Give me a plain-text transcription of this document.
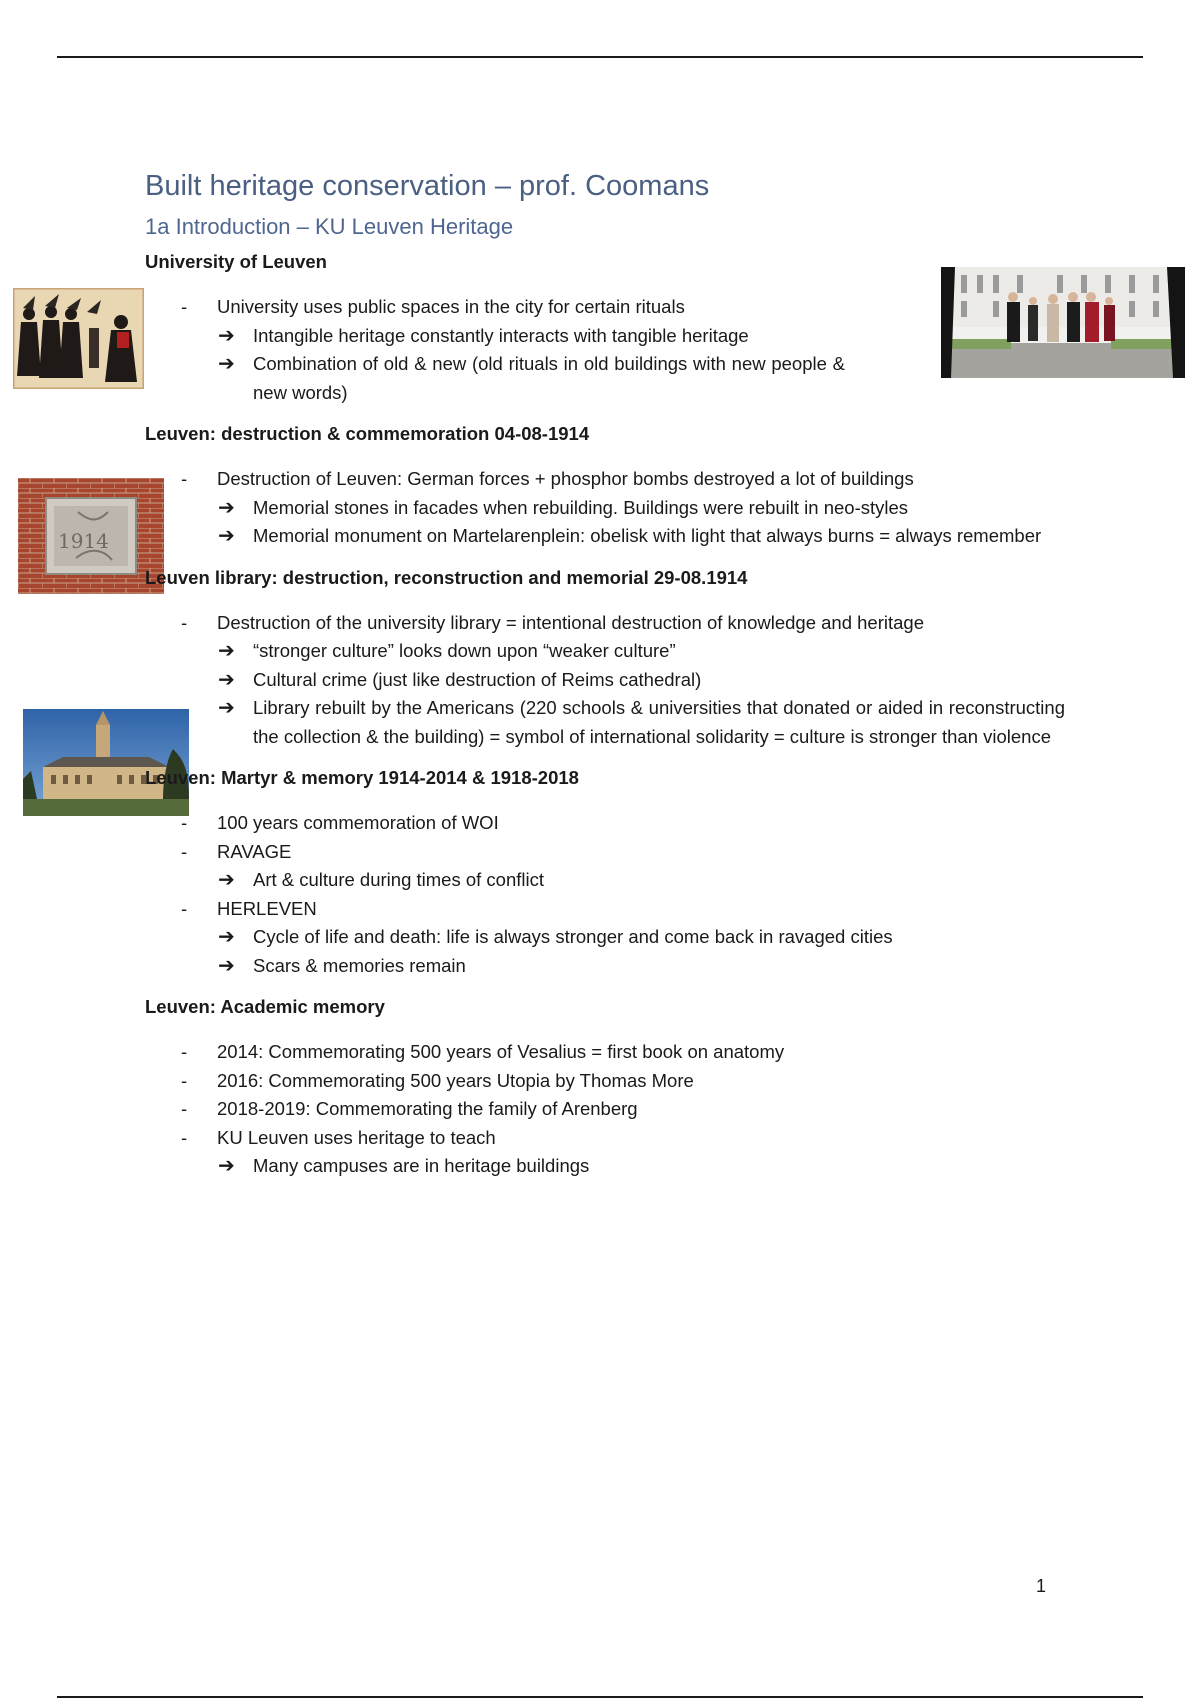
1914
Built heritage conservation – prof. Coomans
1a Introduction – KU Leuven Heritage

University of Leuven

- University uses public spaces in the city for certain rituals
➔ Intangible heritage constantly interacts with tangible heritage
➔ Combination of old & new (old rituals in old buildings with new people & new words)

Leuven: destruction & commemoration 04-08-1914

- Destruction of Leuven: German forces + phosphor bombs destroyed a lot of buildings
➔ Memorial stones in facades when rebuilding. Buildings were rebuilt in neo-styles
➔ Memorial monument on Martelarenplein: obelisk with light that always burns = always remember

Leuven library: destruction, reconstruction and memorial 29-08.1914

- Destruction of the university library = intentional destruction of knowledge and heritage
➔ “stronger culture” looks down upon “weaker culture”
➔ Cultural crime (just like destruction of Reims cathedral)
➔ Library rebuilt by the Americans (220 schools & universities that donated or aided in reconstructing the collection & the building) = symbol of international solidarity = culture is stronger than violence

Leuven: Martyr & memory 1914-2014 & 1918-2018

- 100 years commemoration of WOI
- RAVAGE
➔ Art & culture during times of conflict
- HERLEVEN
➔ Cycle of life and death: life is always stronger and come back in ravaged cities
➔ Scars & memories remain

Leuven: Academic memory

- 2014: Commemorating 500 years of Vesalius = first book on anatomy
- 2016: Commemorating 500 years Utopia by Thomas More
- 2018-2019: Commemorating the family of Arenberg
- KU Leuven uses heritage to teach
➔ Many campuses are in heritage buildings
1
